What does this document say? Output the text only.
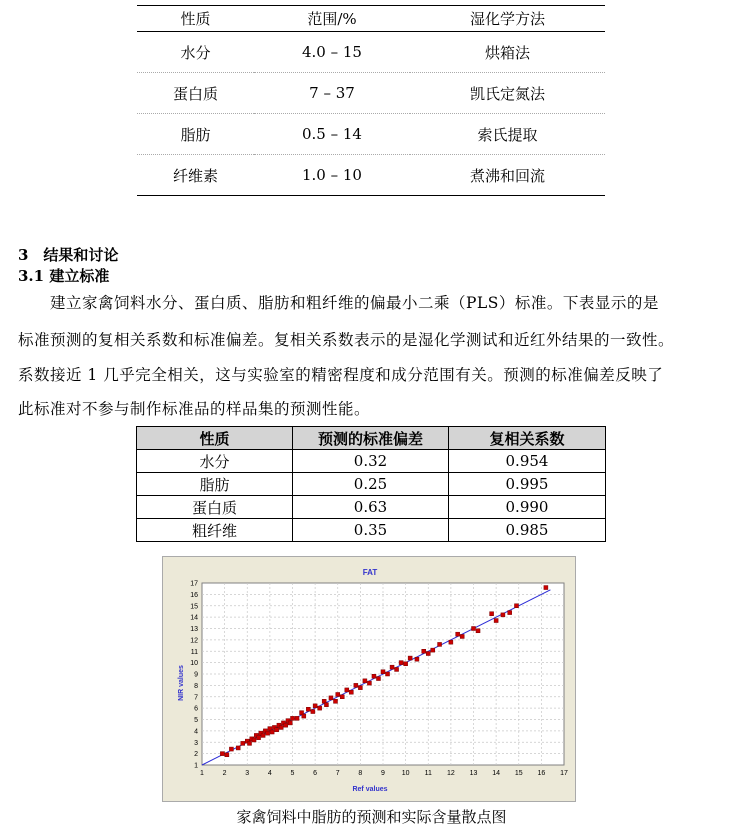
性质	范围/%	湿化学方法
水分	4.0 – 15	烘箱法
蛋白质	7 – 37	凯氏定氮法
脂肪	0.5 – 14	索氏提取
纤维素	1.0 – 10	煮沸和回流
3　结果和讨论
3.1 建立标准
建立家禽饲料水分、蛋白质、脂肪和粗纤维的偏最小二乘（PLS）标准。下表显示的是
标准预测的复相关系数和标准偏差。复相关系数表示的是湿化学测试和近红外结果的一致性。
系数接近 1 几乎完全相关，这与实验室的精密程度和成分范围有关。预测的标准偏差反映了
此标准对不参与制作标准品的样品集的预测性能。
性质	预测的标准偏差	复相关系数
水分	0.32	0.954
脂肪	0.25	0.995
蛋白质	0.63	0.990
粗纤维	0.35	0.985
FAT
NIR values
Ref values
1	2	3	4	5	6	7	8	9 10 11 12 13 14 15 16 17
1
2
3
4
5
6
7
8
9
10
11
12
13
14
15
16
17
家禽饲料中脂肪的预测和实际含量散点图
